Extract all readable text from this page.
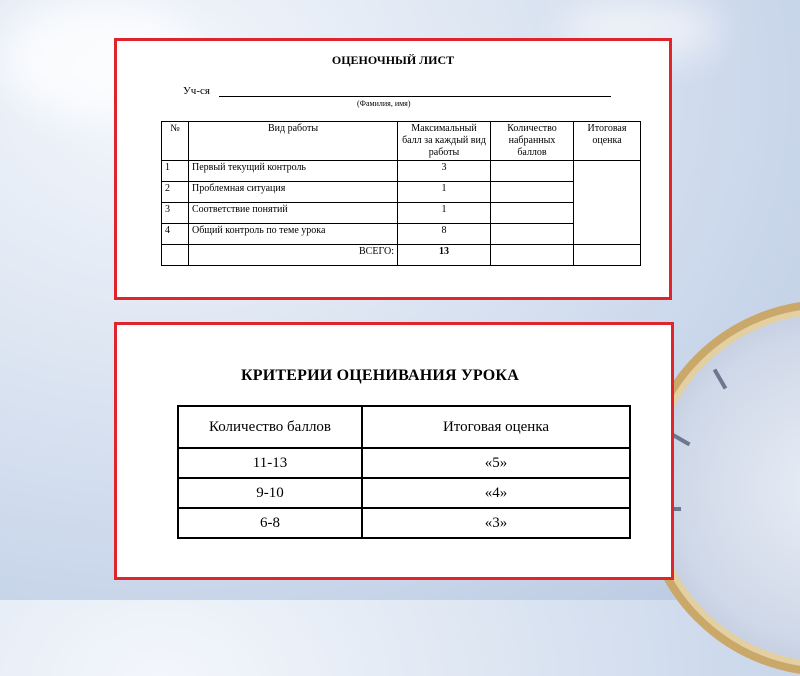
ОЦЕНОЧНЫЙ ЛИСТ
Уч-ся
(Фамилия, имя)
№	Вид работы	Максимальный балл за каждый вид работы	Количество набранных баллов	Итоговая оценка
1	Первый текущий контроль	3		
2	Проблемная ситуация	1		
3	Соответствие понятий	1		
4	Общий контроль по теме урока	8		
	ВСЕГО:	13		
КРИТЕРИИ ОЦЕНИВАНИЯ УРОКА
Количество баллов	Итоговая оценка
11-13	«5»
9-10	«4»
6-8	«3»
